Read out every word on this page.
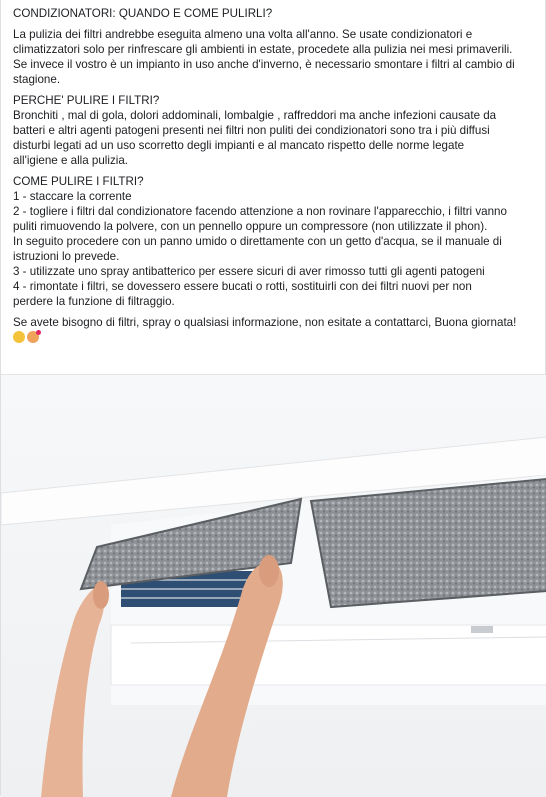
CONDIZIONATORI: QUANDO E COME PULIRLI?

La pulizia dei filtri andrebbe eseguita almeno una volta all'anno. Se usate condizionatori e
climatizzatori solo per rinfrescare gli ambienti in estate, procedete alla pulizia nei mesi primaverili.
Se invece il vostro è un impianto in uso anche d'inverno, è necessario smontare i filtri al cambio di
stagione.

PERCHE' PULIRE I FILTRI?
Bronchiti , mal di gola, dolori addominali, lombalgie , raffreddori ma anche infezioni causate da
batteri e altri agenti patogeni presenti nei filtri non puliti dei condizionatori sono tra i più diffusi
disturbi legati ad un uso scorretto degli impianti e al mancato rispetto delle norme legate
all'igiene e alla pulizia.

COME PULIRE I FILTRI?
1 - staccare la corrente
2 - togliere i filtri dal condizionatore facendo attenzione a non rovinare l'apparecchio, i filtri vanno
puliti rimuovendo la polvere, con un pennello oppure un compressore (non utilizzate il phon).
In seguito procedere con un panno umido o direttamente con un getto d'acqua, se il manuale di
istruzioni lo prevede.
3 - utilizzate uno spray antibatterico per essere sicuri di aver rimosso tutti gli agenti patogeni
4 - rimontate i filtri, se dovessero essere bucati o rotti, sostituirli con dei filtri nuovi per non
perdere la funzione di filtraggio.

Se avete bisogno di filtri, spray o qualsiasi informazione, non esitate a contattarci, Buona giornata!
